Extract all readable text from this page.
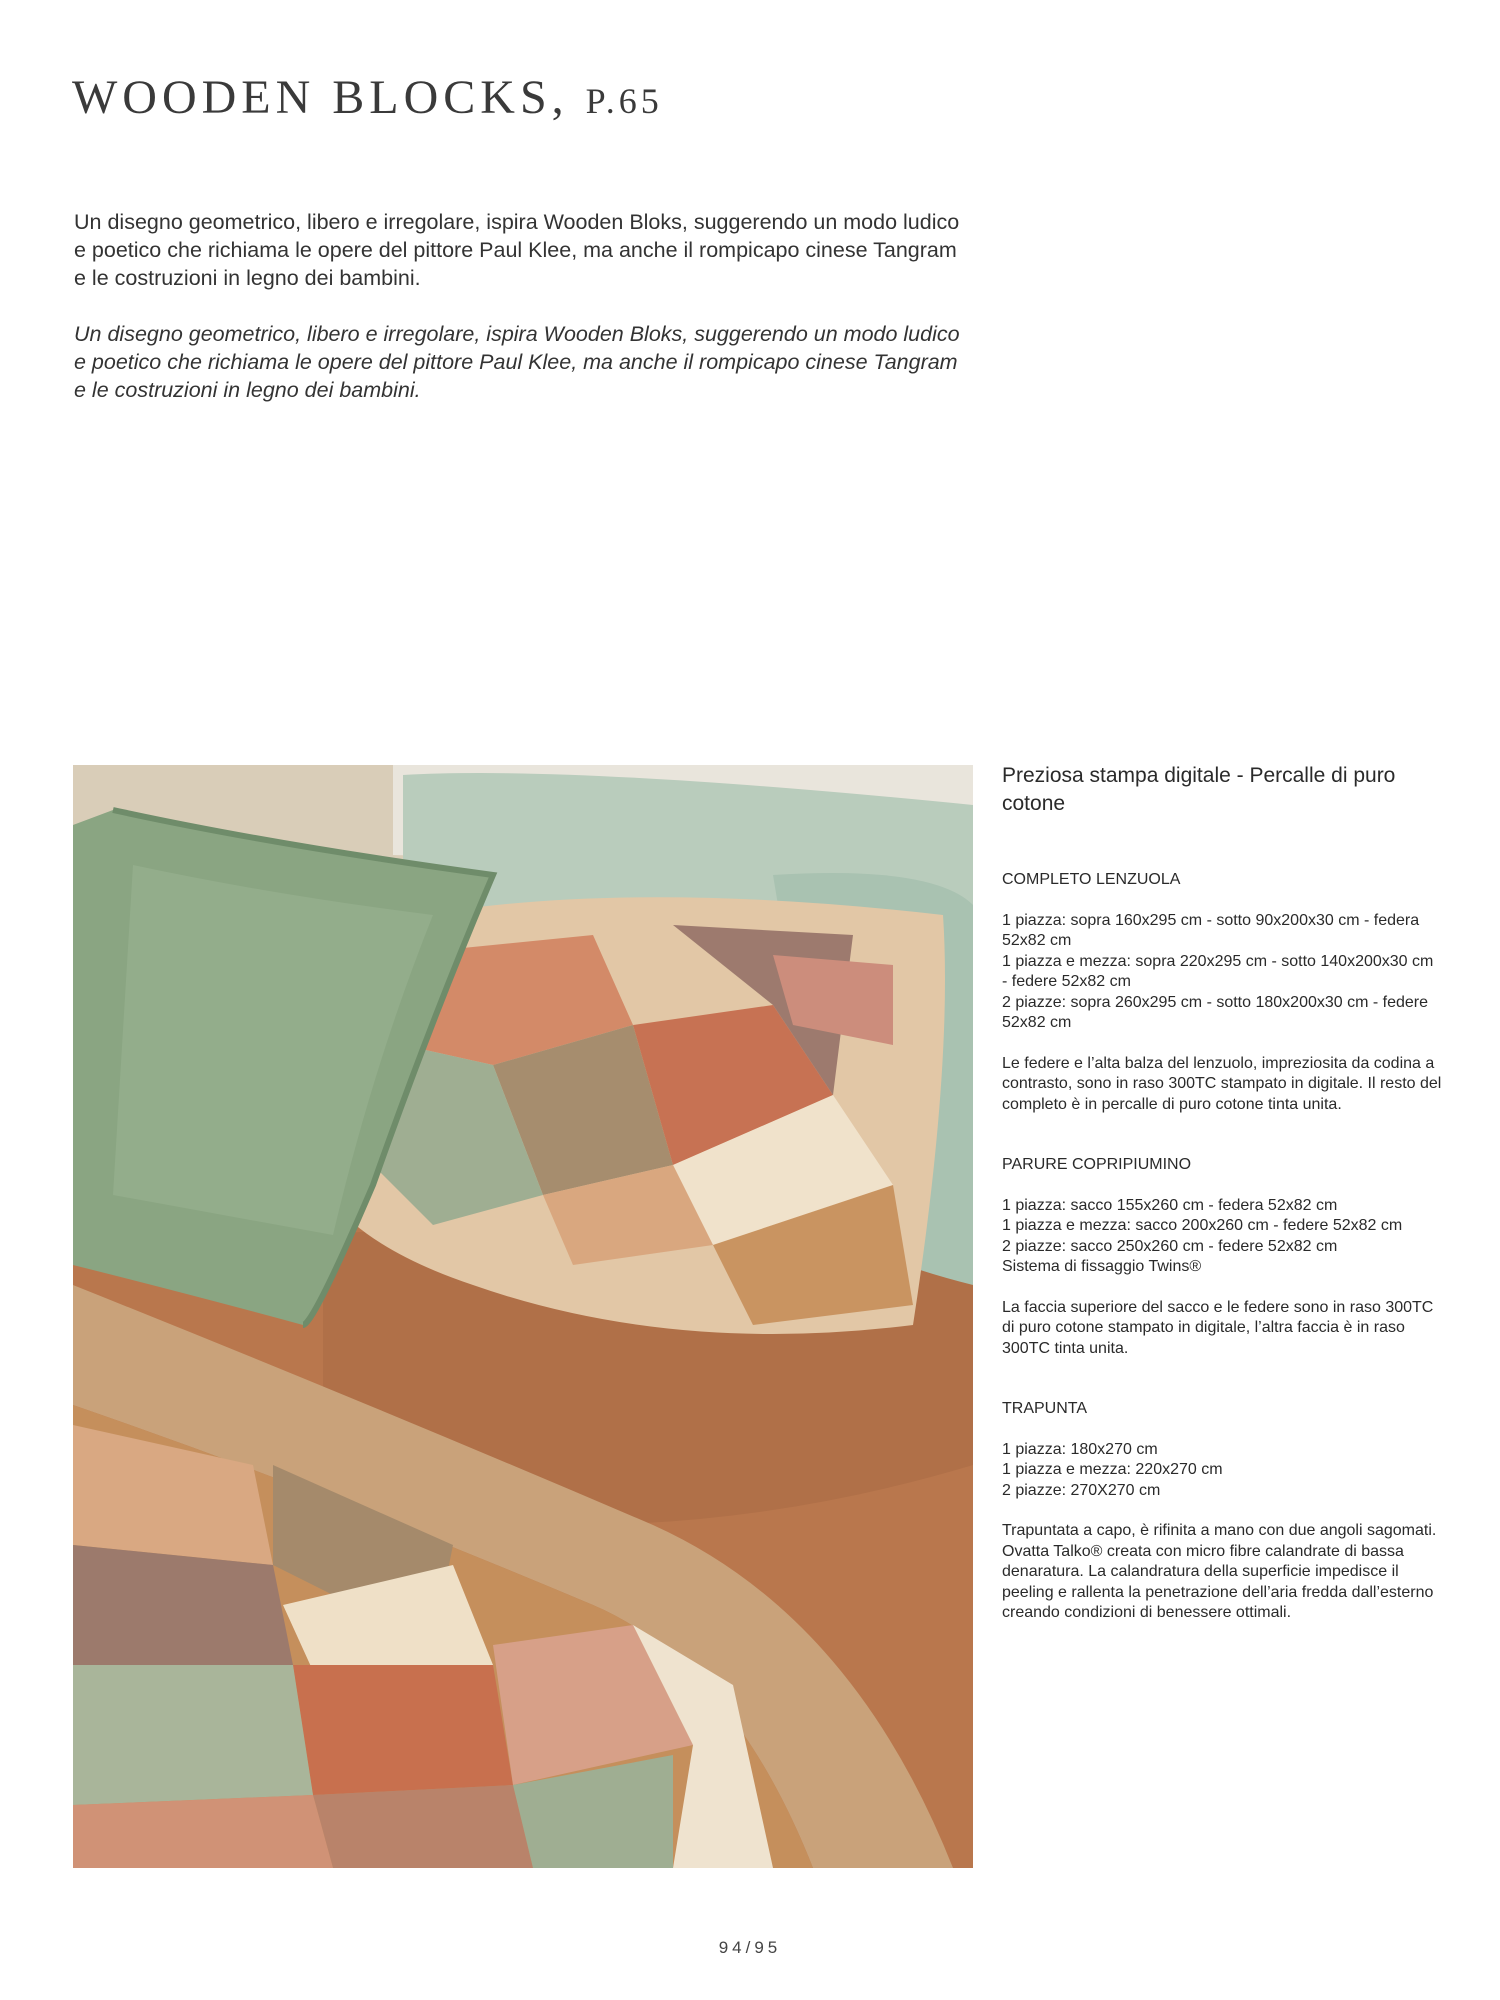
WOODEN BLOCKS, P.65

Un disegno geometrico, libero e irregolare, ispira Wooden Bloks, suggerendo un modo ludico e poetico che richiama le opere del pittore Paul Klee, ma anche il rompicapo cinese Tangram e le costruzioni in legno dei bambini.

Un disegno geometrico, libero e irregolare, ispira Wooden Bloks, suggerendo un modo ludico e poetico che richiama le opere del pittore Paul Klee, ma anche il rompicapo cinese Tangram e le costruzioni in legno dei bambini.

Preziosa stampa digitale - Percalle di puro cotone
COMPLETO LENZUOLA
1 piazza: sopra 160x295 cm - sotto 90x200x30 cm - federa 52x82 cm
1 piazza e mezza: sopra 220x295 cm - sotto 140x200x30 cm - federe 52x82 cm
2 piazze: sopra 260x295 cm - sotto 180x200x30 cm - federe 52x82 cm
Le federe e l’alta balza del lenzuolo, impreziosita da codina a contrasto, sono in raso 300TC stampato in digitale. Il resto del completo è in percalle di puro cotone tinta unita.
PARURE COPRIPIUMINO
1 piazza: sacco 155x260 cm - federa 52x82 cm
1 piazza e mezza: sacco 200x260 cm - federe 52x82 cm
2 piazze: sacco 250x260 cm - federe 52x82 cm
Sistema di fissaggio Twins®
La faccia superiore del sacco e le federe sono in raso 300TC di puro cotone stampato in digitale, l’altra faccia è in raso 300TC tinta unita.
TRAPUNTA
1 piazza: 180x270 cm
1 piazza e mezza: 220x270 cm
2 piazze: 270X270 cm
Trapuntata a capo, è rifinita a mano con due angoli sagomati.
Ovatta Talko® creata con micro fibre calandrate di bassa denaratura. La calandratura della superficie impedisce il peeling e rallenta la penetrazione dell’aria fredda dall’esterno creando condizioni di benessere ottimali.
94/95
